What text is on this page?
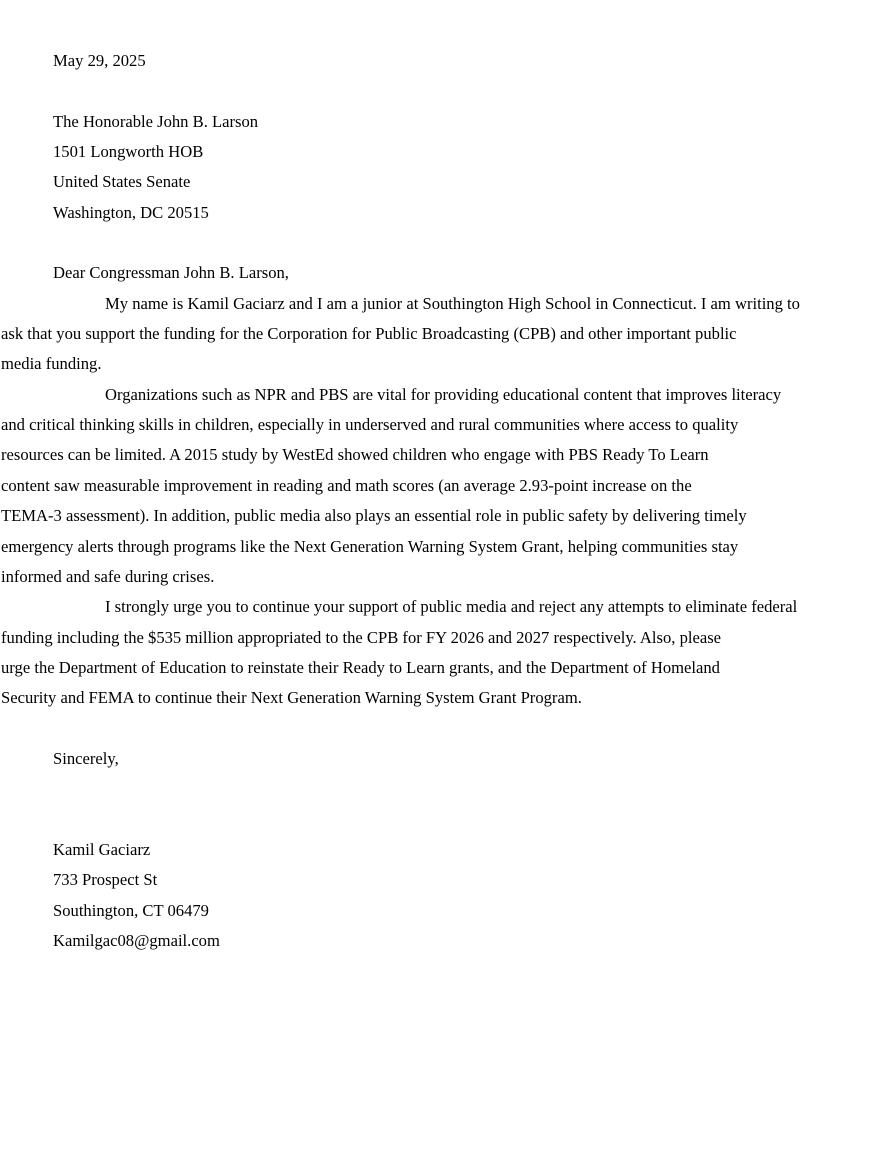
May 29, 2025
The Honorable John B. Larson
1501 Longworth HOB
United States Senate
Washington, DC 20515
Dear Congressman John B. Larson,
My name is Kamil Gaciarz and I am a junior at Southington High School in Connecticut. I am writing to
ask that you support the funding for the Corporation for Public Broadcasting (CPB) and other important public
media funding.
Organizations such as NPR and PBS are vital for providing educational content that improves literacy
and critical thinking skills in children, especially in underserved and rural communities where access to quality
resources can be limited. A 2015 study by WestEd showed children who engage with PBS Ready To Learn
content saw measurable improvement in reading and math scores (an average 2.93-point increase on the
TEMA-3 assessment). In addition, public media also plays an essential role in public safety by delivering timely
emergency alerts through programs like the Next Generation Warning System Grant, helping communities stay
informed and safe during crises.
I strongly urge you to continue your support of public media and reject any attempts to eliminate federal
funding including the $535 million appropriated to the CPB for FY 2026 and 2027 respectively. Also, please
urge the Department of Education to reinstate their Ready to Learn grants, and the Department of Homeland
Security and FEMA to continue their Next Generation Warning System Grant Program.
Sincerely,
Kamil Gaciarz
733 Prospect St
Southington, CT 06479
Kamilgac08@gmail.com
